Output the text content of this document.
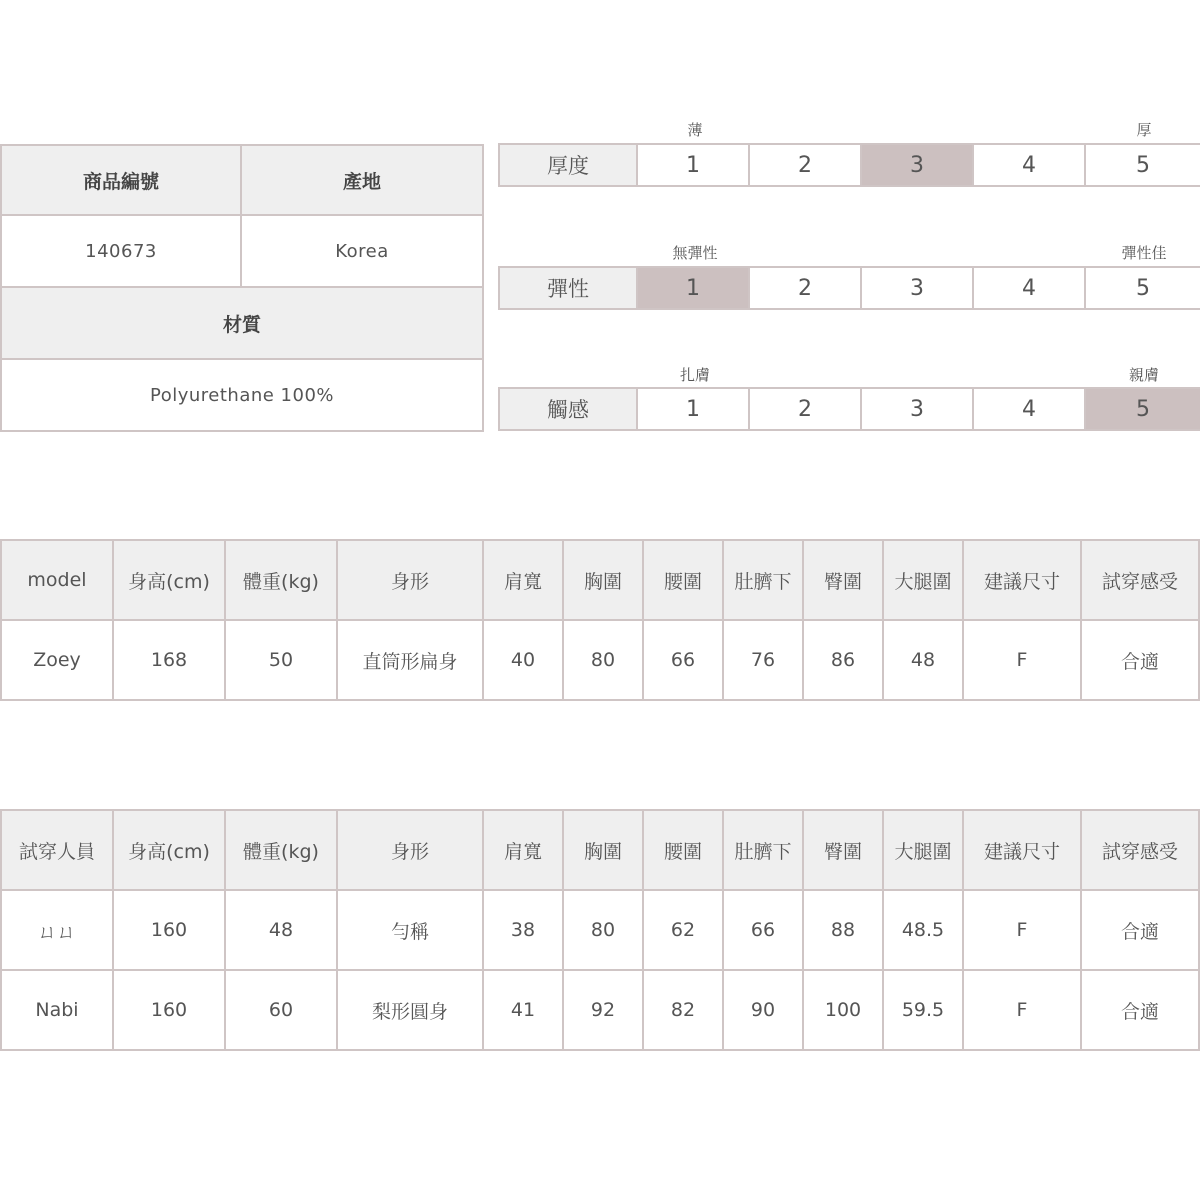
商品編號	產地
140673	Korea
材質
Polyurethane 100%
厚度	1	2	3	4	5
薄	厚
彈性	1	2	3	4	5
無彈性	彈性佳
觸感	1	2	3	4	5
扎膚	親膚
model	身高(cm)	體重(kg)	身形	肩寬	胸圍	腰圍	肚臍下	臀圍	大腿圍	建議尺寸	試穿感受
Zoey	168	50	直筒形扁身	40	80	66	76	86	48	F	合適
試穿人員	身高(cm)	體重(kg)	身形	肩寬	胸圍	腰圍	肚臍下	臀圍	大腿圍	建議尺寸	試穿感受
ㄩㄩ	160	48	勻稱	38	80	62	66	88	48.5	F	合適
Nabi	160	60	梨形圓身	41	92	82	90	100	59.5	F	合適
